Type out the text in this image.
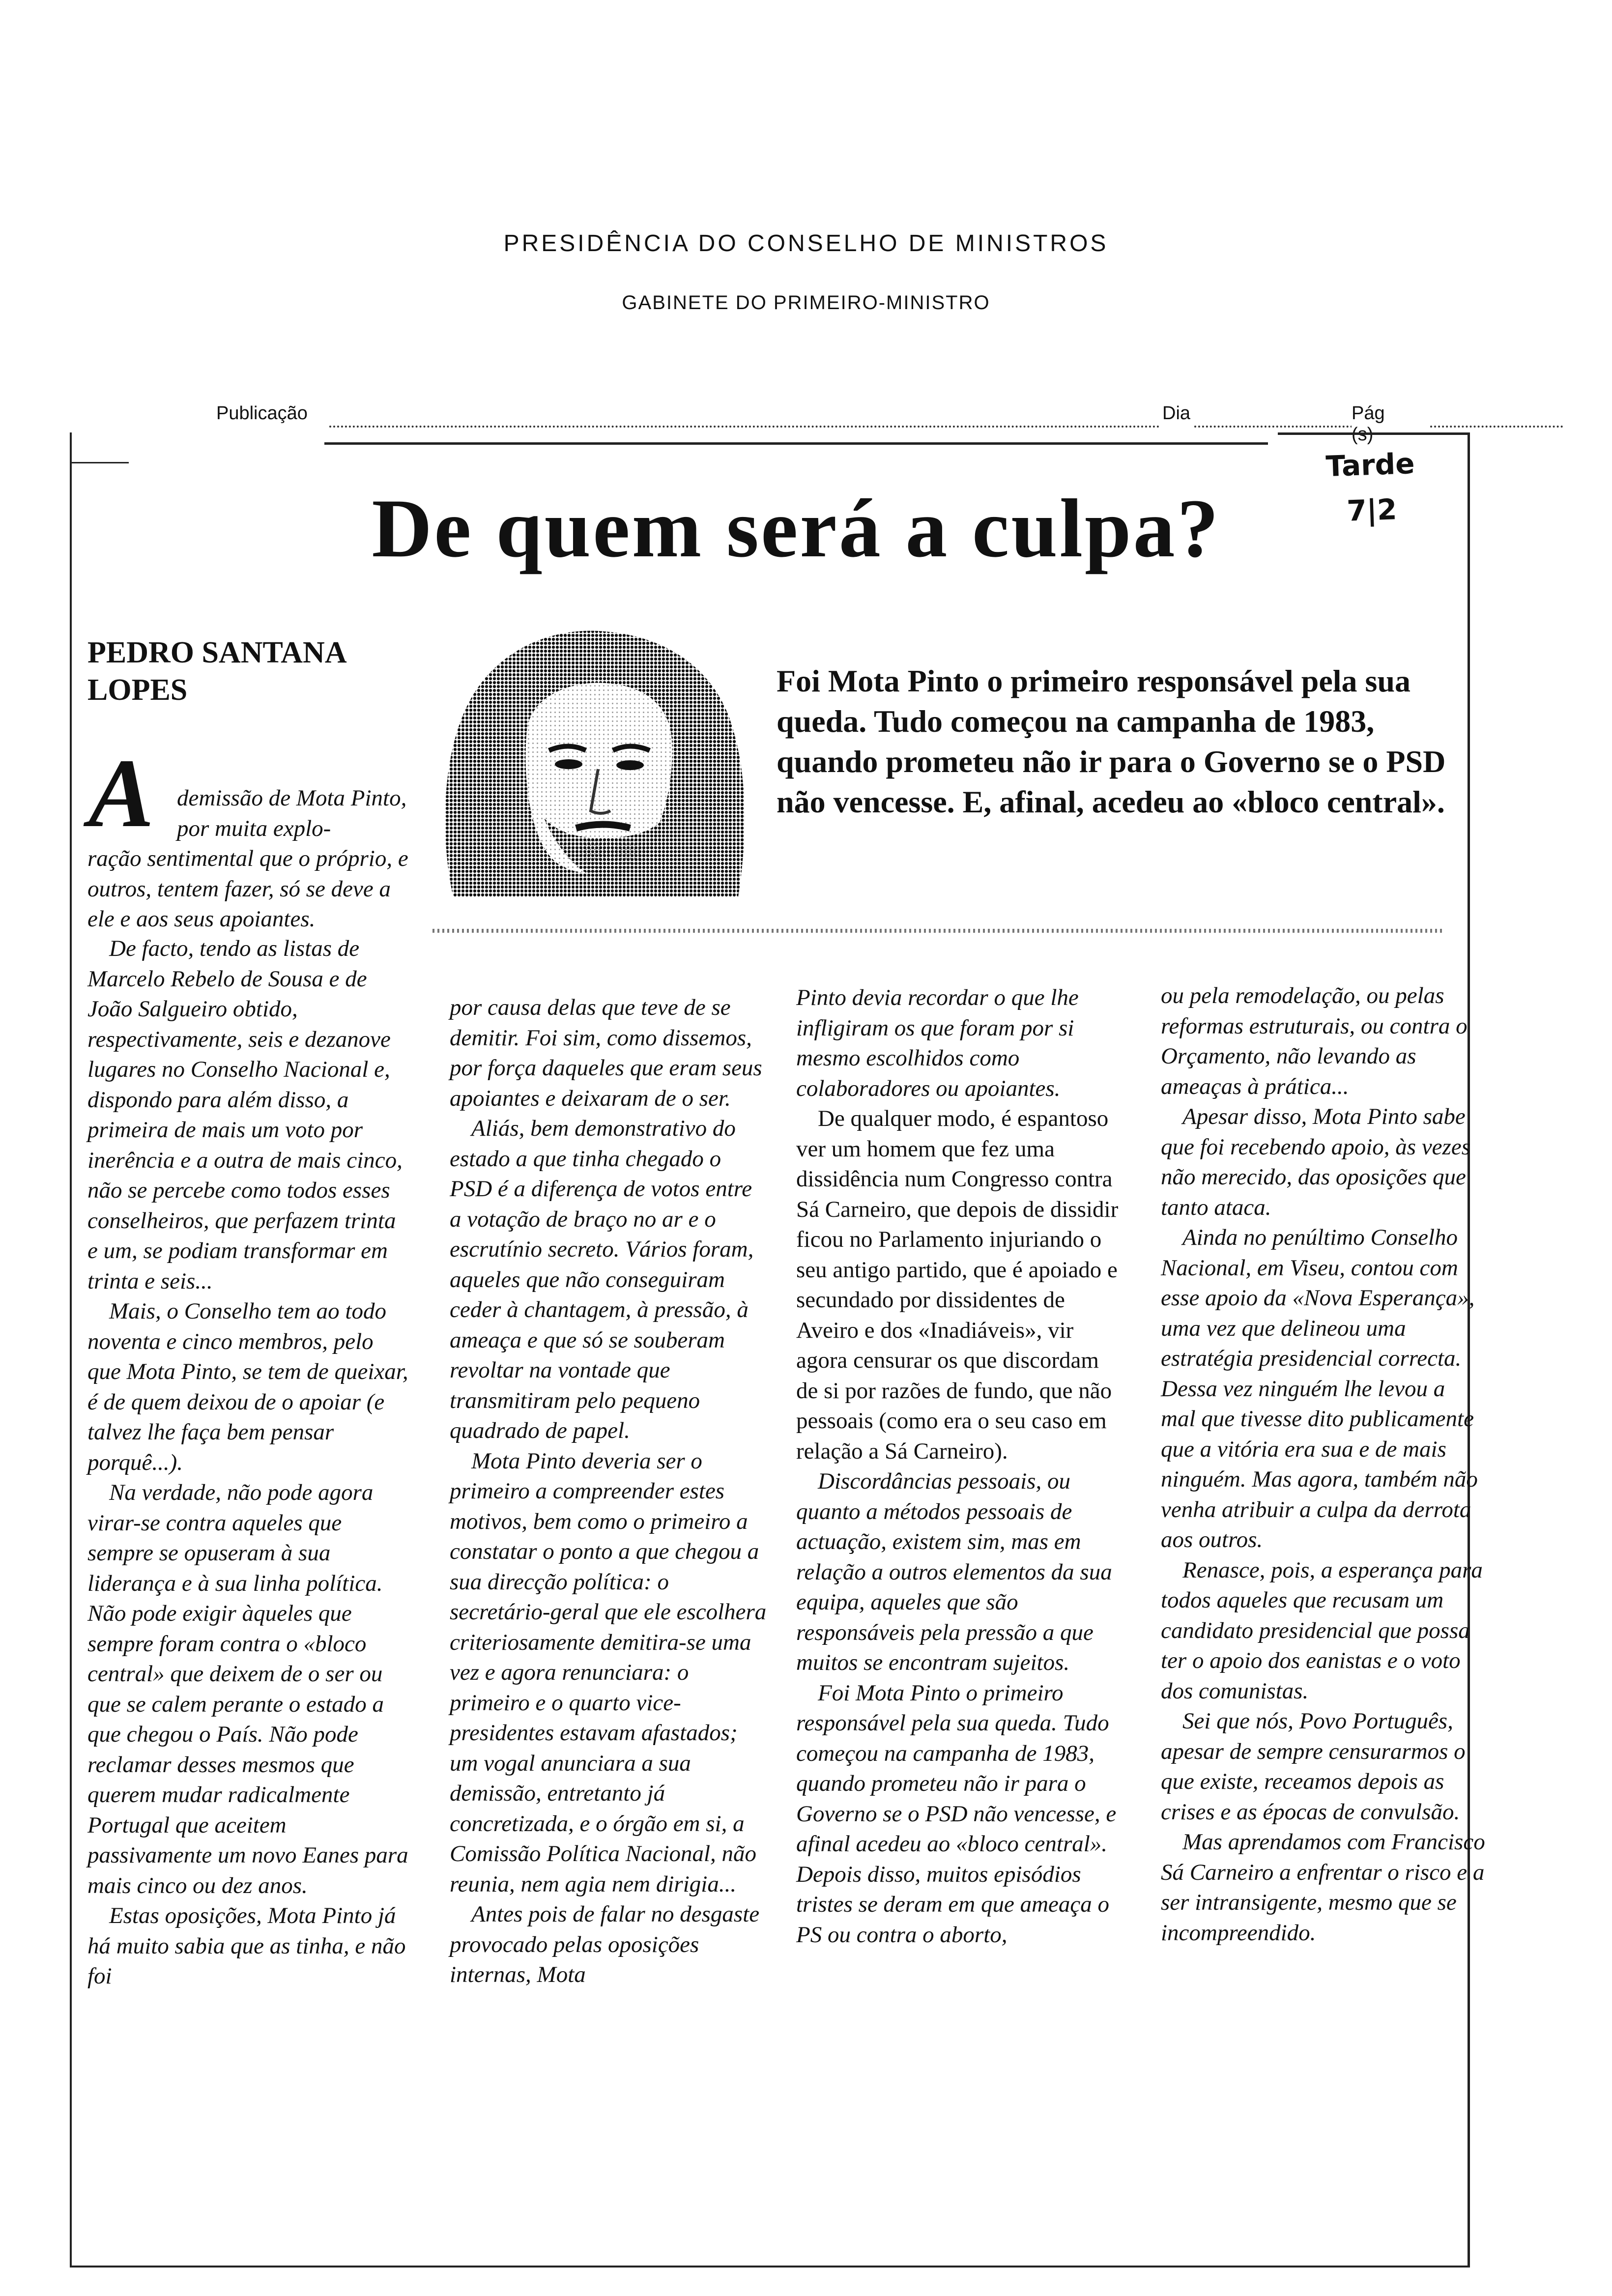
PRESIDÊNCIA DO CONSELHO DE MINISTROS
GABINETE DO PRIMEIRO-MINISTRO
Publicação	Dia	Pág (s)
Tarde
7|2
De quem será a culpa?
PEDRO SANTANA LOPES	Foi Mota Pinto o primeiro responsável pela sua queda. Tudo começou na campanha de 1983, quando prometeu não ir para o Governo se o PSD não vencesse. E, afinal, acedeu ao «bloco central».
A demissão de Mota Pinto, por muita explo-
ração sentimental que o próprio, e outros, tentem fazer, só se deve a ele e aos seus apoiantes.

De facto, tendo as listas de Marcelo Rebelo de Sousa e de João Salgueiro obtido, respectivamente, seis e dezanove lugares no Conselho Nacional e, dispondo para além disso, a primeira de mais um voto por inerência e a outra de mais cinco, não se percebe como todos esses conselheiros, que perfazem trinta e um, se podiam transformar em trinta e seis...

Mais, o Conselho tem ao todo noventa e cinco membros, pelo que Mota Pinto, se tem de queixar, é de quem deixou de o apoiar (e talvez lhe faça bem pensar porquê...).

Na verdade, não pode agora virar-se contra aqueles que sempre se opuseram à sua liderança e à sua linha política. Não pode exigir àqueles que sempre foram contra o «bloco central» que deixem de o ser ou que se calem perante o estado a que chegou o País. Não pode reclamar desses mesmos que querem mudar radicalmente Portugal que aceitem passivamente um novo Eanes para mais cinco ou dez anos.

Estas oposições, Mota Pinto já há muito sabia que as tinha, e não foi

por causa delas que teve de se demitir. Foi sim, como dissemos, por força daqueles que eram seus apoiantes e deixaram de o ser.

Aliás, bem demonstrativo do estado a que tinha chegado o PSD é a diferença de votos entre a votação de braço no ar e o escrutínio secreto. Vários foram, aqueles que não conseguiram ceder à chantagem, à pressão, à ameaça e que só se souberam revoltar na vontade que transmitiram pelo pequeno quadrado de papel.

Mota Pinto deveria ser o primeiro a compreender estes motivos, bem como o primeiro a constatar o ponto a que chegou a sua direcção política: o secretário-geral que ele escolhera criteriosamente demitira-se uma vez e agora renunciara: o primeiro e o quarto vice-presidentes estavam afastados; um vogal anunciara a sua demissão, entretanto já concretizada, e o órgão em si, a Comissão Política Nacional, não reunia, nem agia nem dirigia...

Antes pois de falar no desgaste provocado pelas oposições internas, Mota

Pinto devia recordar o que lhe infligiram os que foram por si mesmo escolhidos como colaboradores ou apoiantes.

De qualquer modo, é espantoso ver um homem que fez uma dissidência num Congresso contra Sá Carneiro, que depois de dissidir ficou no Parlamento injuriando o seu antigo partido, que é apoiado e secundado por dissidentes de Aveiro e dos «Inadiáveis», vir agora censurar os que discordam de si por razões de fundo, que não pessoais (como era o seu caso em relação a Sá Carneiro).

Discordâncias pessoais, ou quanto a métodos pessoais de actuação, existem sim, mas em relação a outros elementos da sua equipa, aqueles que são responsáveis pela pressão a que muitos se encontram sujeitos.

Foi Mota Pinto o primeiro responsável pela sua queda. Tudo começou na campanha de 1983, quando prometeu não ir para o Governo se o PSD não vencesse, e afinal acedeu ao «bloco central». Depois disso, muitos episódios tristes se deram em que ameaça o PS ou contra o aborto,

ou pela remodelação, ou pelas reformas estruturais, ou contra o Orçamento, não levando as ameaças à prática...

Apesar disso, Mota Pinto sabe que foi recebendo apoio, às vezes não merecido, das oposições que tanto ataca.

Ainda no penúltimo Conselho Nacional, em Viseu, contou com esse apoio da «Nova Esperança», uma vez que delineou uma estratégia presidencial correcta. Dessa vez ninguém lhe levou a mal que tivesse dito publicamente que a vitória era sua e de mais ninguém. Mas agora, também não venha atribuir a culpa da derrota aos outros.

Renasce, pois, a esperança para todos aqueles que recusam um candidato presidencial que possa ter o apoio dos eanistas e o voto dos comunistas.

Sei que nós, Povo Português, apesar de sempre censurarmos o que existe, receamos depois as crises e as épocas de convulsão.

Mas aprendamos com Francisco Sá Carneiro a enfrentar o risco e a ser intransigente, mesmo que se incompreendido.
